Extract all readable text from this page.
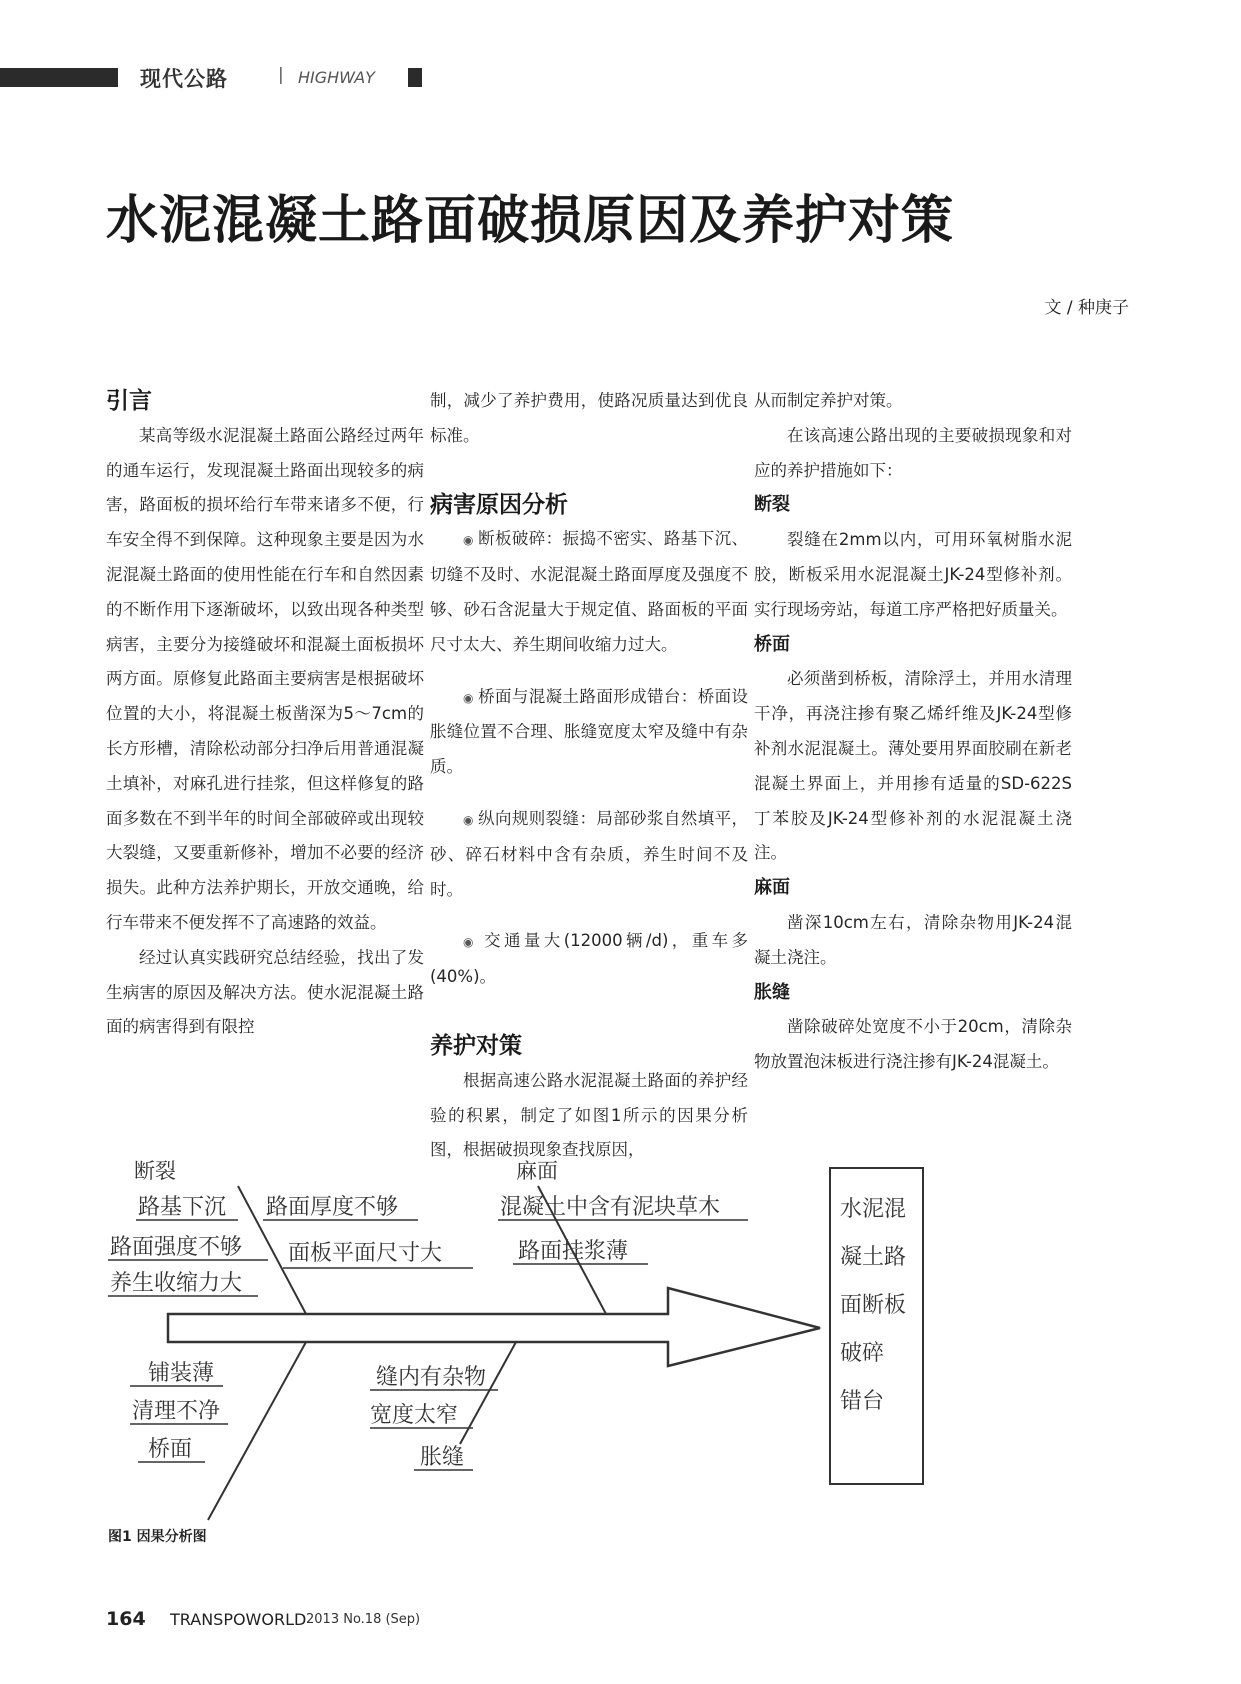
现代公路	| HIGHWAY
水泥混凝土路面破损原因及养护对策
文 / 种庚子
引言

某高等级水泥混凝土路面公路经过两年的通车运行，发现混凝土路面出现较多的病害，路面板的损坏给行车带来诸多不便，行车安全得不到保障。这种现象主要是因为水泥混凝土路面的使用性能在行车和自然因素的不断作用下逐渐破坏，以致出现各种类型病害，主要分为接缝破坏和混凝土面板损坏两方面。原修复此路面主要病害是根据破坏位置的大小，将混凝土板凿深为5～7cm的长方形槽，清除松动部分扫净后用普通混凝土填补，对麻孔进行挂浆，但这样修复的路面多数在不到半年的时间全部破碎或出现较大裂缝，又要重新修补，增加不必要的经济损失。此种方法养护期长，开放交通晚，给行车带来不便发挥不了高速路的效益。

经过认真实践研究总结经验，找出了发生病害的原因及解决方法。使水泥混凝土路面的病害得到有限控

制，减少了养护费用，使路况质量达到优良标准。

病害原因分析

◉ 断板破碎：振捣不密实、路基下沉、切缝不及时、水泥混凝土路面厚度及强度不够、砂石含泥量大于规定值、路面板的平面尺寸太大、养生期间收缩力过大。

◉ 桥面与混凝土路面形成错台：桥面设胀缝位置不合理、胀缝宽度太窄及缝中有杂质。

◉ 纵向规则裂缝：局部砂浆自然填平，砂、碎石材料中含有杂质，养生时间不及时。

◉ 交通量大(12000辆/d)，重车多(40%)。

养护对策

根据高速公路水泥混凝土路面的养护经验的积累，制定了如图1所示的因果分析图，根据破损现象查找原因，

从而制定养护对策。

在该高速公路出现的主要破损现象和对应的养护措施如下：

断裂

裂缝在2mm以内，可用环氧树脂水泥胶，断板采用水泥混凝土JK-24型修补剂。实行现场旁站，每道工序严格把好质量关。

桥面

必须凿到桥板，清除浮土，并用水清理干净，再浇注掺有聚乙烯纤维及JK-24型修补剂水泥混凝土。薄处要用界面胶刷在新老混凝土界面上，并用掺有适量的SD-622S丁苯胶及JK-24型修补剂的水泥混凝土浇注。

麻面

凿深10cm左右，清除杂物用JK-24混凝土浇注。

胀缝

凿除破碎处宽度不小于20cm，清除杂物放置泡沫板进行浇注掺有JK-24混凝土。

断裂
路基下沉
路面强度不够
养生收缩力大
路面厚度不够
面板平面尺寸大
麻面
混凝土中含有泥块草木
路面挂浆薄
铺装薄
清理不净
桥面
缝内有杂物
宽度太窄
胀缝
水泥混
凝土路
面断板
破碎
错台
图1 因果分析图
164 TRANSPOWORLD 2013 No.18 (Sep)
